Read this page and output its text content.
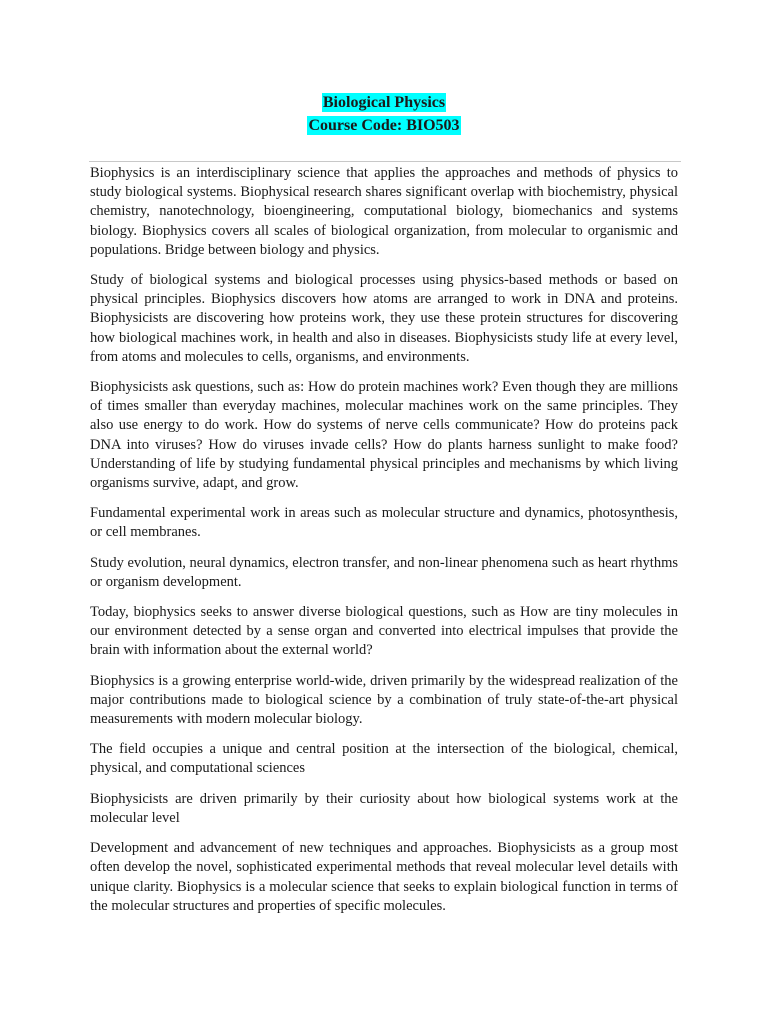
Biological Physics
Course Code: BIO503

Biophysics is an interdisciplinary science that applies the approaches and methods of physics to study biological systems. Biophysical research shares significant overlap with biochemistry, physical chemistry, nanotechnology, bioengineering, computational biology, biomechanics and systems biology. Biophysics covers all scales of biological organization, from molecular to organismic and populations. Bridge between biology and physics.

Study of biological systems and biological processes using physics-based methods or based on physical principles. Biophysics discovers how atoms are arranged to work in DNA and proteins. Biophysicists are discovering how proteins work, they use these protein structures for discovering how biological machines work, in health and also in diseases. Biophysicists study life at every level, from atoms and molecules to cells, organisms, and environments.

Biophysicists ask questions, such as: How do protein machines work? Even though they are millions of times smaller than everyday machines, molecular machines work on the same principles. They also use energy to do work. How do systems of nerve cells communicate? How do proteins pack DNA into viruses? How do viruses invade cells? How do plants harness sunlight to make food? Understanding of life by studying fundamental physical principles and mechanisms by which living organisms survive, adapt, and grow.

Fundamental experimental work in areas such as molecular structure and dynamics, photosynthesis, or cell membranes.

Study evolution, neural dynamics, electron transfer, and non-linear phenomena such as heart rhythms or organism development.

Today, biophysics seeks to answer diverse biological questions, such as How are tiny molecules in our environment detected by a sense organ and converted into electrical impulses that provide the brain with information about the external world?

Biophysics is a growing enterprise world-wide, driven primarily by the widespread realization of the major contributions made to biological science by a combination of truly state-of-the-art physical measurements with modern molecular biology.

The field occupies a unique and central position at the intersection of the biological, chemical, physical, and computational sciences

Biophysicists are driven primarily by their curiosity about how biological systems work at the molecular level

Development and advancement of new techniques and approaches. Biophysicists as a group most often develop the novel, sophisticated experimental methods that reveal molecular level details with unique clarity. Biophysics is a molecular science that seeks to explain biological function in terms of the molecular structures and properties of specific molecules.
